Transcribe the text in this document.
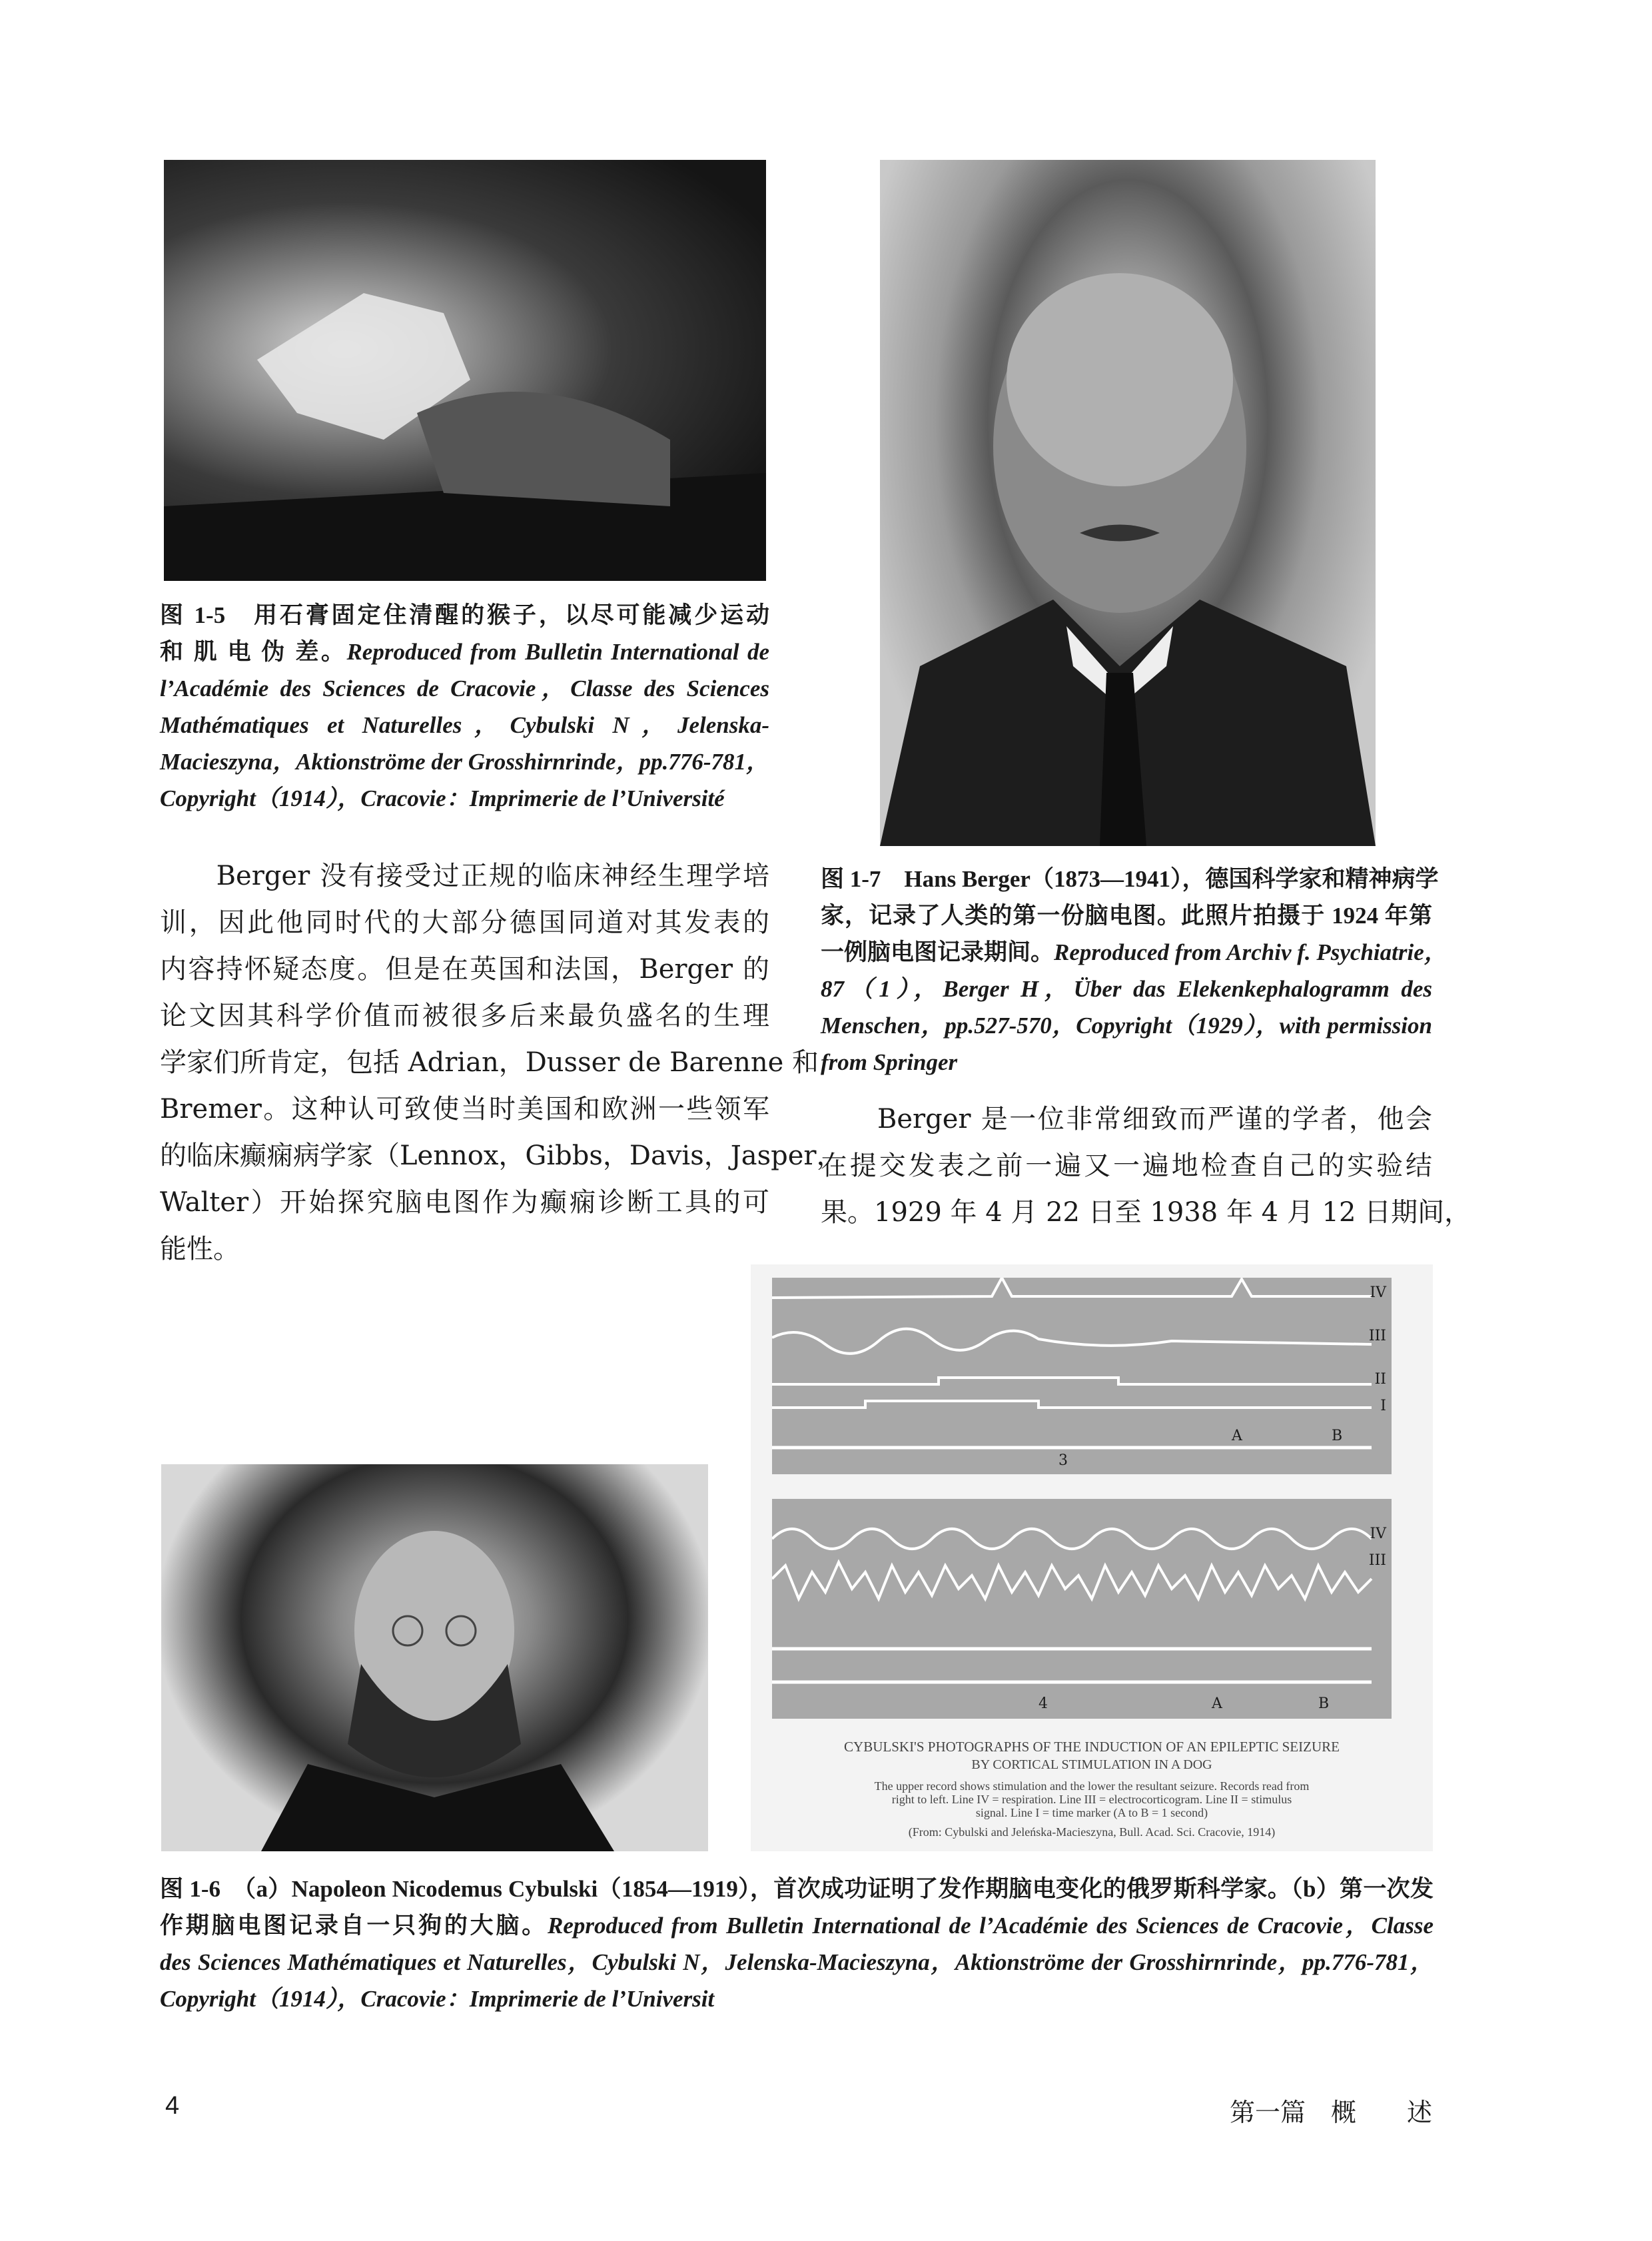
图 1-5　用石膏固定住清醒的猴子，以尽可能减少运动
和 肌 电 伪 差。Reproduced from Bulletin International de
l’Académie des Sciences de Cracovie，Classe des Sciences
Mathématiques et Naturelles，Cybulski N，Jelenska-
Macieszyna，Aktionströme der Grosshirnrinde，pp.776-781，
Copyright（1914），Cracovie：Imprimerie de l’Université
　　Berger 没有接受过正规的临床神经生理学培
训，因此他同时代的大部分德国同道对其发表的
内容持怀疑态度。但是在英国和法国，Berger 的
论文因其科学价值而被很多后来最负盛名的生理
学家们所肯定，包括 Adrian，Dusser de Barenne 和
Bremer。这种认可致使当时美国和欧洲一些领军
的临床癫痫病学家（Lennox，Gibbs，Davis，Jasper，
Walter）开始探究脑电图作为癫痫诊断工具的可
能性。
图 1-7　Hans Berger（1873—1941），德国科学家和精神病学
家，记录了人类的第一份脑电图。此照片拍摄于 1924 年第
一例脑电图记录期间。Reproduced from Archiv f. Psychiatrie，
87（1），Berger H，Über das Elekenkephalogramm des
Menschen，pp.527-570，Copyright（1929），with permission
from Springer
　　Berger 是一位非常细致而严谨的学者，他会
在提交发表之前一遍又一遍地检查自己的实验结
果。1929 年 4 月 22 日至 1938 年 4 月 12 日期间，
IV
III
II
I
3
A	B
IV
III
4	A	B
CYBULSKI'S PHOTOGRAPHS OF THE INDUCTION OF AN EPILEPTIC SEIZURE
BY CORTICAL STIMULATION IN A DOG
The upper record shows stimulation and the lower the resultant seizure. Records read from
right to left. Line IV = respiration. Line III = electrocorticogram. Line II = stimulus
signal. Line I = time marker (A to B = 1 second)
(From: Cybulski and Jeleńska-Macieszyna, Bull. Acad. Sci. Cracovie, 1914)
图 1-6　（a）Napoleon Nicodemus Cybulski（1854—1919），首次成功证明了发作期脑电变化的俄罗斯科学家。（b）第一次发
作期脑电图记录自一只狗的大脑。Reproduced from Bulletin International de l’Académie des Sciences de Cracovie，Classe
des Sciences Mathématiques et Naturelles，Cybulski N，Jelenska-Macieszyna，Aktionströme der Grosshirnrinde，pp.776-781，
Copyright（1914），Cracovie：Imprimerie de l’Universit
4	第一篇　概　　述
